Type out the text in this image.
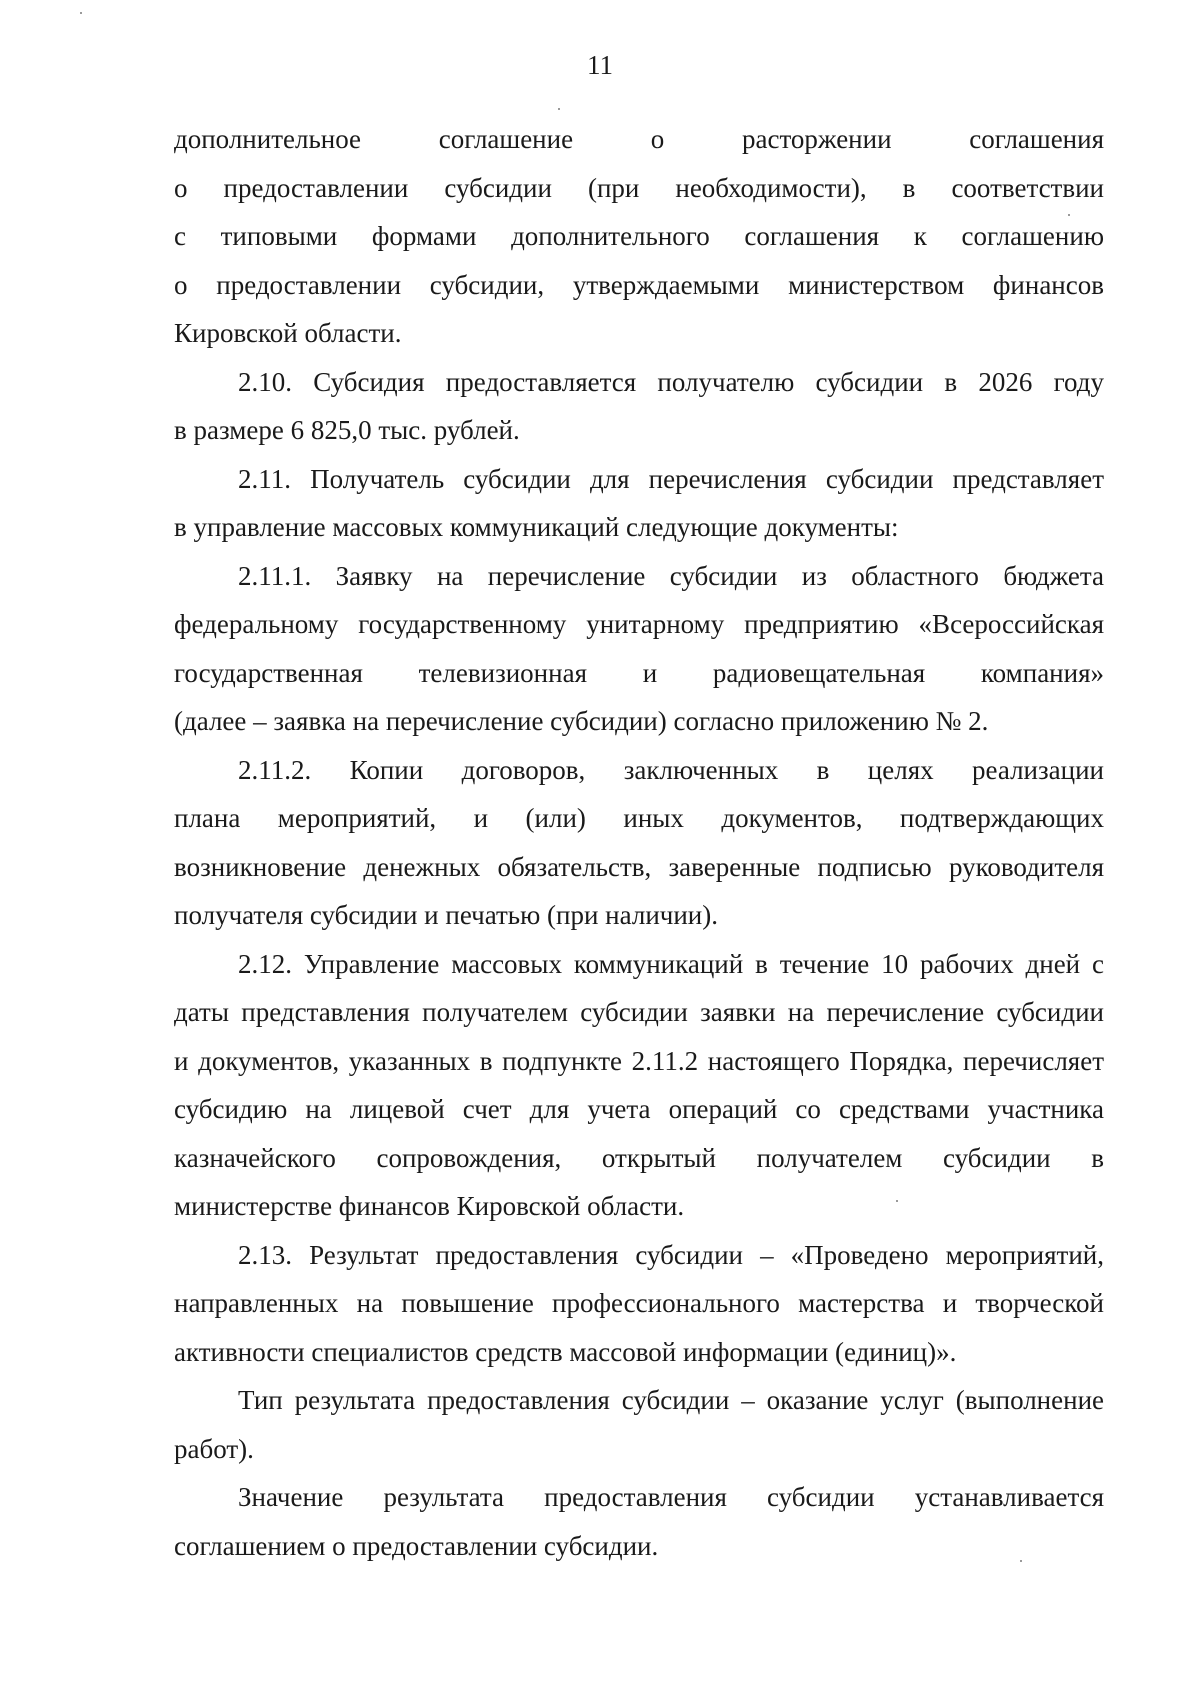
11
дополнительное соглашение о расторжении соглашения
о предоставлении субсидии (при необходимости), в соответствии
с типовыми формами дополнительного соглашения к соглашению
о предоставлении субсидии, утверждаемыми министерством финансов
Кировской области.
2.10. Субсидия предоставляется получателю субсидии в 2026 году
в размере 6 825,0 тыс. рублей.
2.11. Получатель субсидии для перечисления субсидии представляет
в управление массовых коммуникаций следующие документы:
2.11.1. Заявку на перечисление субсидии из областного бюджета
федеральному государственному унитарному предприятию «Всероссийская
государственная телевизионная и радиовещательная компания»
(далее – заявка на перечисление субсидии) согласно приложению № 2.
2.11.2. Копии договоров, заключенных в целях реализации
плана мероприятий, и (или) иных документов, подтверждающих
возникновение денежных обязательств, заверенные подписью руководителя
получателя субсидии и печатью (при наличии).
2.12. Управление массовых коммуникаций в течение 10 рабочих дней с
даты представления получателем субсидии заявки на перечисление субсидии
и документов, указанных в подпункте 2.11.2 настоящего Порядка, перечисляет
субсидию на лицевой счет для учета операций со средствами участника
казначейского сопровождения, открытый получателем субсидии в
министерстве финансов Кировской области.
2.13. Результат предоставления субсидии – «Проведено мероприятий,
направленных на повышение профессионального мастерства и творческой
активности специалистов средств массовой информации (единиц)».
Тип результата предоставления субсидии – оказание услуг (выполнение
работ).
Значение результата предоставления субсидии устанавливается
соглашением о предоставлении субсидии.
